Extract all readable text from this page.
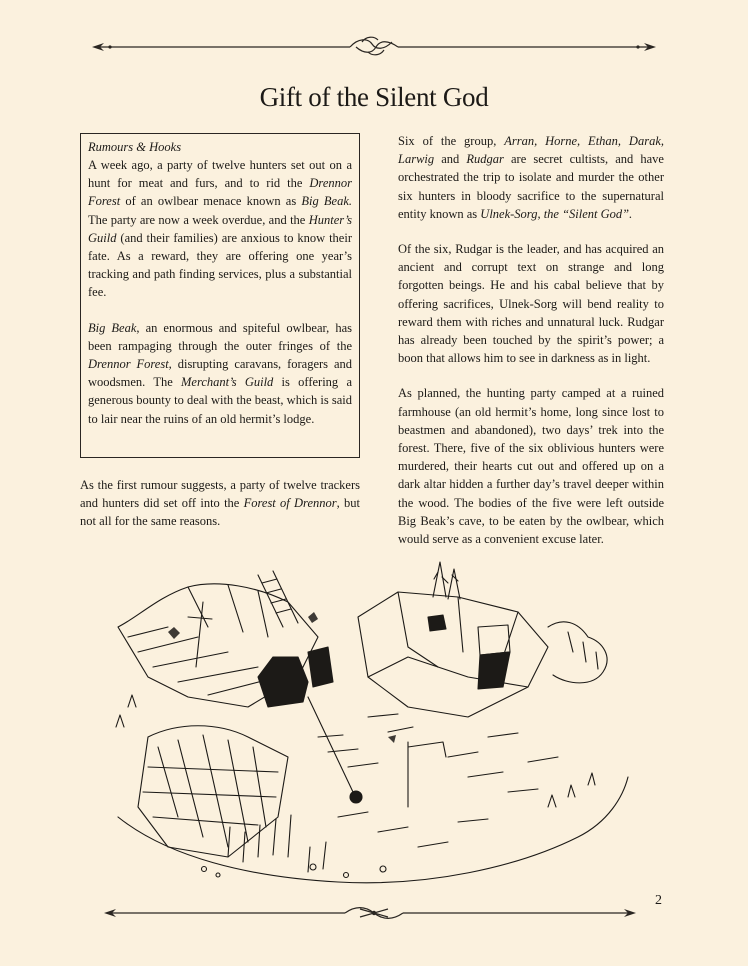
Gift of the Silent God
Rumours & Hooks

A week ago, a party of twelve hunters set out on a hunt for meat and furs, and to rid the Drennor Forest of an owlbear menace known as Big Beak. The party are now a week overdue, and the Hunter’s Guild (and their families) are anxious to know their fate. As a reward, they are offering one year’s tracking and path finding services, plus a substantial fee.

Big Beak, an enormous and spiteful owlbear, has been rampaging through the outer fringes of the Drennor Forest, disrupting caravans, foragers and woodsmen. The Merchant’s Guild is offering a generous bounty to deal with the beast, which is said to lair near the ruins of an old hermit’s lodge.

As the first rumour suggests, a party of twelve trackers and hunters did set off into the Forest of Drennor, but not all for the same reasons.

Six of the group, Arran, Horne, Ethan, Darak, Larwig and Rudgar are secret cultists, and have orchestrated the trip to isolate and murder the other six hunters in bloody sacrifice to the supernatural entity known as Ulnek-Sorg, the “Silent God”.

Of the six, Rudgar is the leader, and has acquired an ancient and corrupt text on strange and long forgotten beings. He and his cabal believe that by offering sacrifices, Ulnek-Sorg will bend reality to reward them with riches and unnatural luck. Rudgar has already been touched by the spirit’s power; a boon that allows him to see in darkness as in light.

As planned, the hunting party camped at a ruined farmhouse (an old hermit’s home, long since lost to beastmen and abandoned), two days’ trek into the forest. There, five of the six oblivious hunters were murdered, their hearts cut out and offered up on a dark altar hidden a further day’s travel deeper within the wood. The bodies of the five were left outside Big Beak’s cave, to be eaten by the owlbear, which would serve as a convenient excuse later.

2
